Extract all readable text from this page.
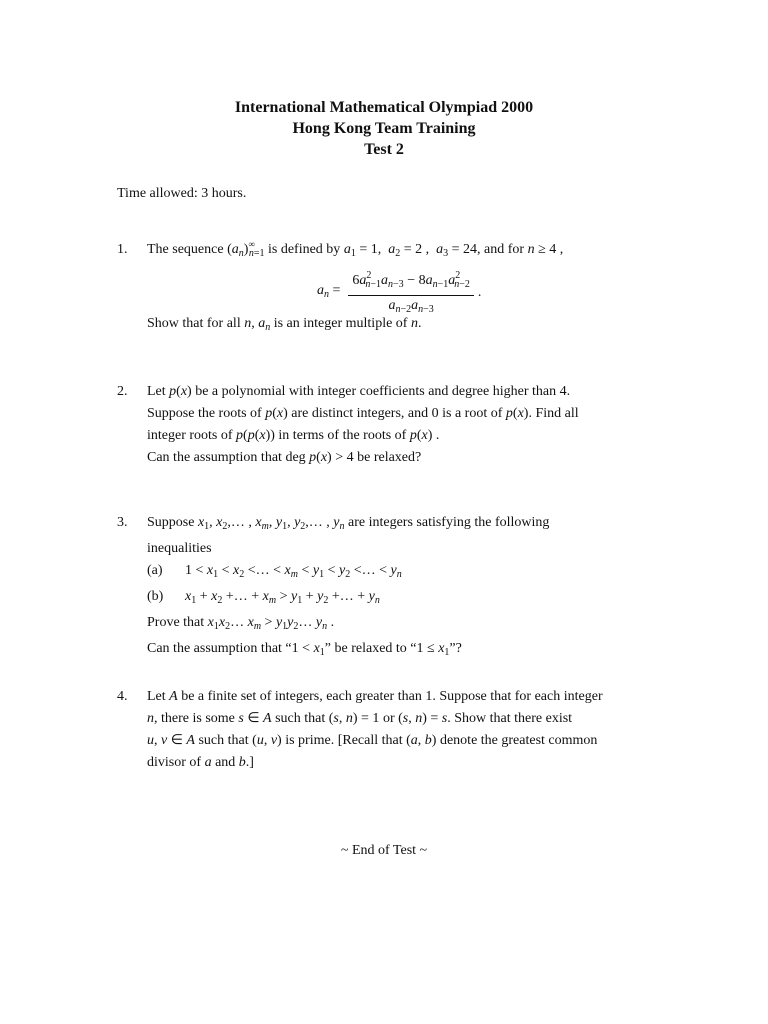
International Mathematical Olympiad 2000

Hong Kong Team Training

Test 2

Time allowed: 3 hours.
1. The sequence $(a_n)^\infty_{n=1}$ is defined by $a_1 = 1$,  $a_2 = 2$ ,  $a_3 = 24$, and for n ≥ 4 ,
$a_n = \frac{6a^2_{n-1}a_{n-3} - 8a_{n-1}a^2_{n-2}}{a_{n-2}a_{n-3}}$ .
Show that for all n, $a_n$ is an integer multiple of n.
2. Let p(x) be a polynomial with integer coefficients and degree higher than 4.
Suppose the roots of p(x) are distinct integers, and 0 is a root of p(x). Find all
integer roots of p(p(x)) in terms of the roots of p(x) .
Can the assumption that deg p(x) > 4 be relaxed?
3. Suppose $x_1$, $x_2,\dots$ , $x_m$, $y_1$, $y_2,\dots$ , $y_n$ are integers satisfying the following
inequalities
(a) $1 < x_1 < x_2$ <… < $x_m < y_1 < y_2$ <… < $y_n$
(b) $x_1 + x_2$ +… + $x_m > y_1 + y_2$ +… + $y_n$
Prove that $x_1x_2\dots$ $x_m$ > $y_1y_2\dots$ $y_n$ .
Can the assumption that “$1 < x_1$” be relaxed to “$1 \le x_1$”?
4. Let A be a finite set of integers, each greater than 1. Suppose that for each integer
n, there is some s ∈ A such that (s, n) = 1 or (s, n) = s. Show that there exist
u, v ∈ A such that (u, v) is prime. [Recall that (a, b) denote the greatest common
divisor of a and b.]
~ End of Test ~
